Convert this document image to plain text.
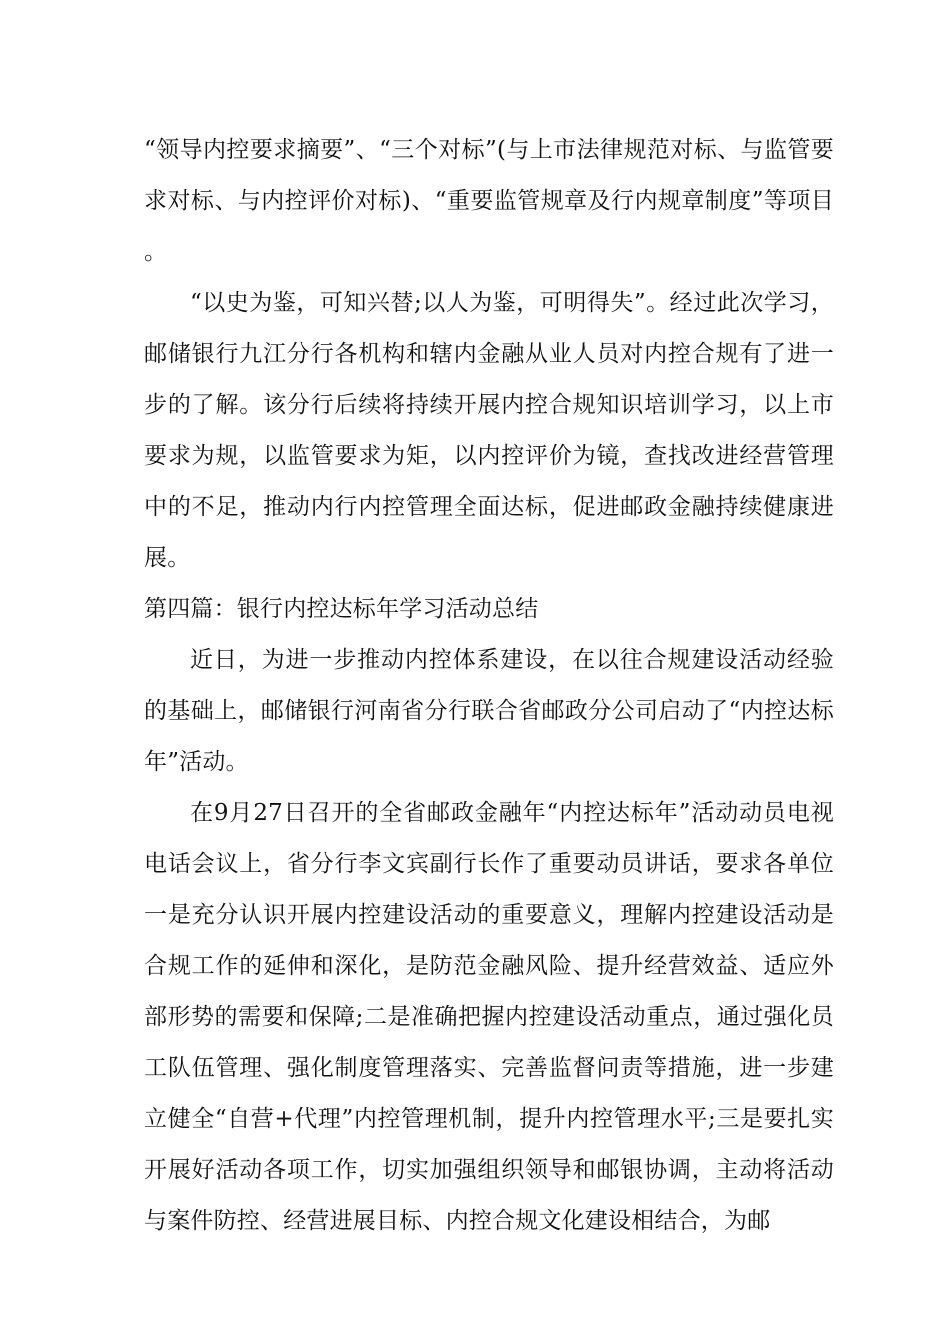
“领导内控要求摘要”、“三个对标”(与上市法律规范对标、与监管要求对标、与内控评价对标)、“重要监管规章及行内规章制度”等项目。

“以史为鉴，可知兴替;以人为鉴，可明得失”。经过此次学习，邮储银行九江分行各机构和辖内金融从业人员对内控合规有了进一步的了解。该分行后续将持续开展内控合规知识培训学习，以上市要求为规，以监管要求为矩，以内控评价为镜，查找改进经营管理中的不足，推动内行内控管理全面达标，促进邮政金融持续健康进展。

第四篇：银行内控达标年学习活动总结

近日，为进一步推动内控体系建设，在以往合规建设活动经验的基础上，邮储银行河南省分行联合省邮政分公司启动了“内控达标年”活动。

在9月27日召开的全省邮政金融年“内控达标年”活动动员电视电话会议上，省分行李文宾副行长作了重要动员讲话，要求各单位一是充分认识开展内控建设活动的重要意义，理解内控建设活动是合规工作的延伸和深化，是防范金融风险、提升经营效益、适应外部形势的需要和保障;二是准确把握内控建设活动重点，通过强化员工队伍管理、强化制度管理落实、完善监督问责等措施，进一步建立健全“自营+代理”内控管理机制，提升内控管理水平;三是要扎实开展好活动各项工作，切实加强组织领导和邮银协调，主动将活动与案件防控、经营进展目标、内控合规文化建设相结合，为邮
